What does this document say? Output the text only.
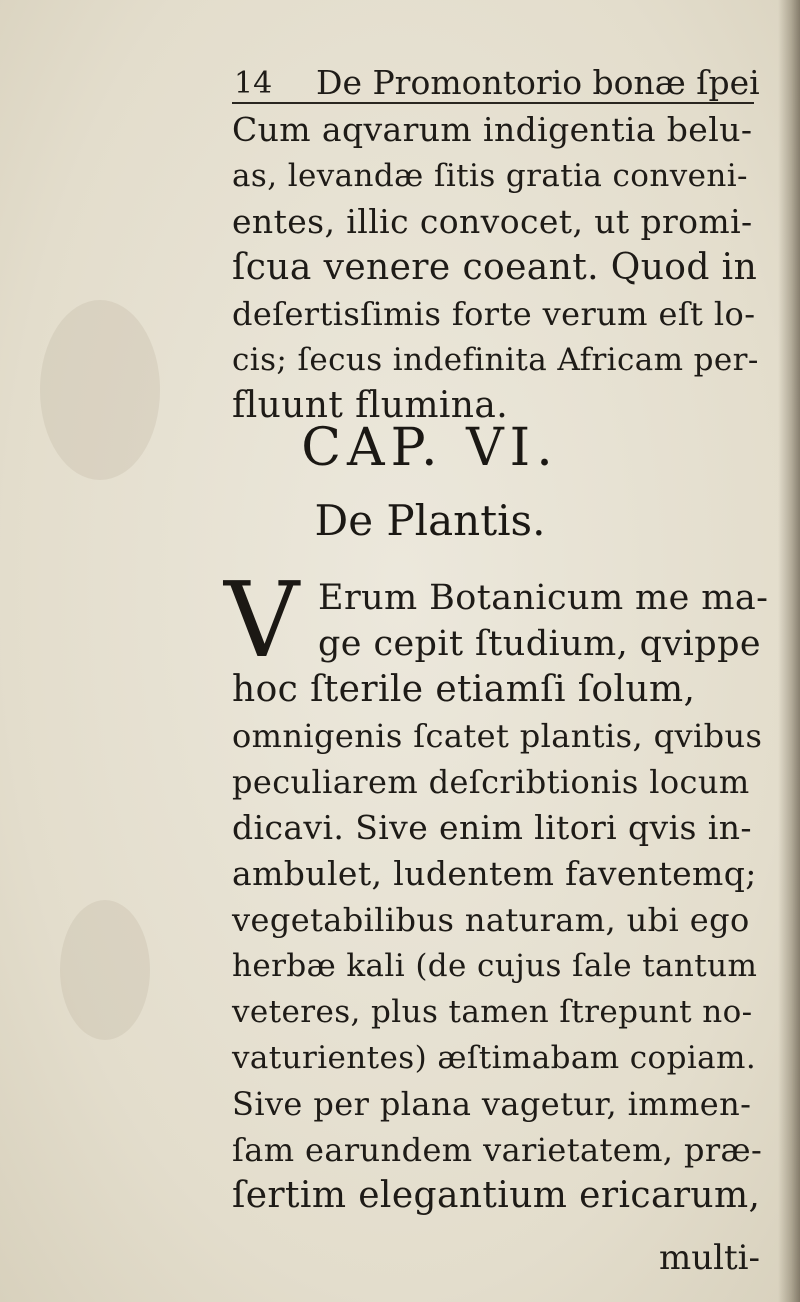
14 De Promontorio bonæ ſpei
Cum aqvarum indigentia belu-
as, levandæ ſitis gratia conveni-
entes, illic convocet, ut promi-
ſcua venere coeant. Quod in
deſertisſimis forte verum eſt lo-
cis; ſecus indefinita Africam per-
fluunt flumina.
CAP. VI.
De Plantis.
V Erum Botanicum me ma-
ge cepit ſtudium, qvippe
hoc ſterile etiamſi ſolum,
omnigenis ſcatet plantis, qvibus
peculiarem deſcribtionis locum
dicavi. Sive enim litori qvis in-
ambulet, ludentem faventemq;
vegetabilibus naturam, ubi ego
herbæ kali (de cujus ſale tantum
veteres, plus tamen ſtrepunt no-
vaturientes) æſtimabam copiam.
Sive per plana vagetur, immen-
ſam earundem varietatem, præ-
ſertim elegantium ericarum,
multi-
